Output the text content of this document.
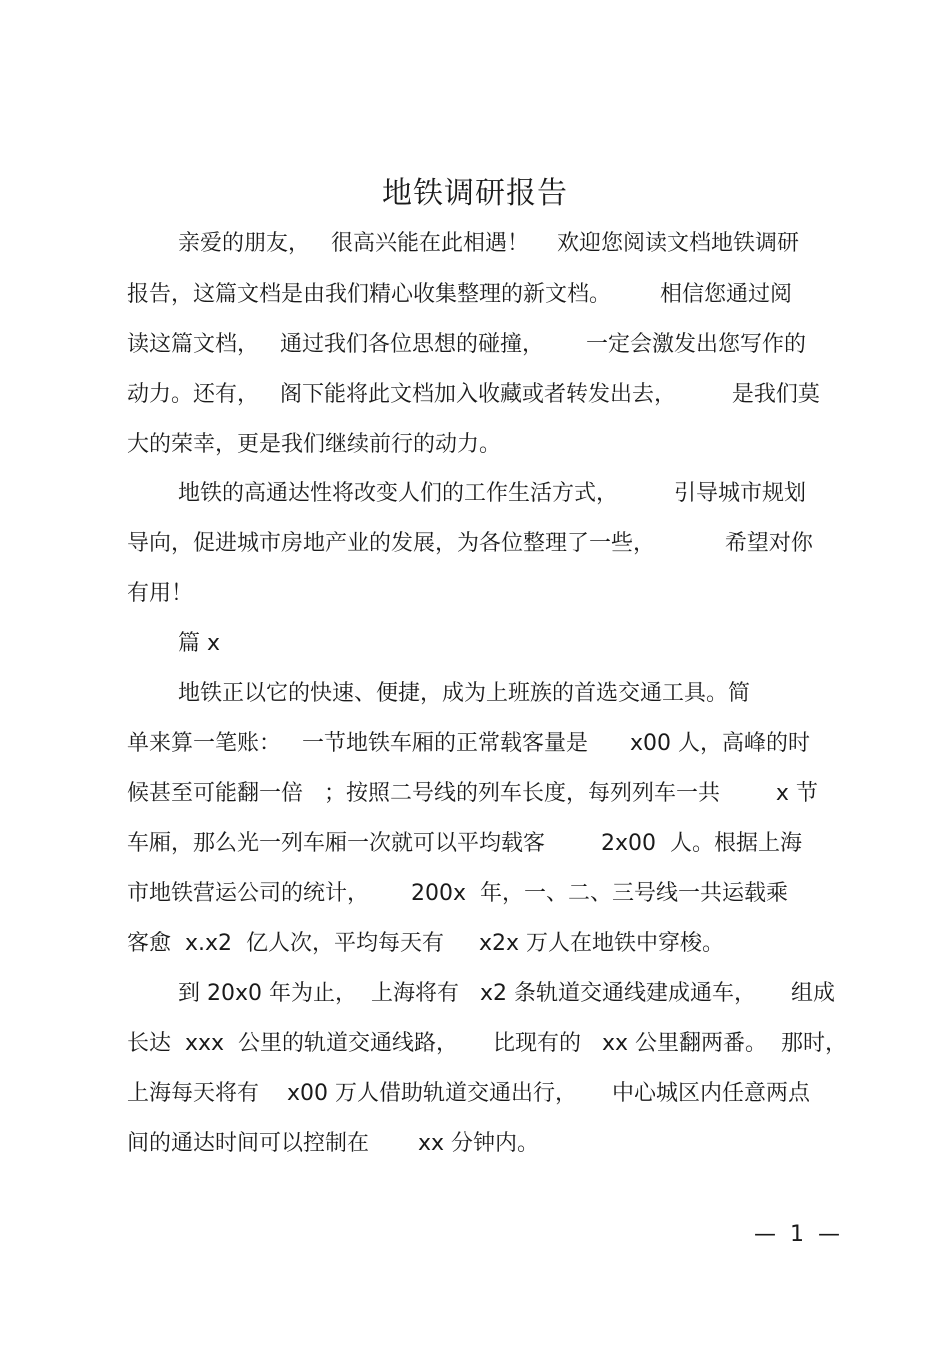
地铁调研报告

亲爱的朋友，   很高兴能在此相遇！    欢迎您阅读文档地铁调研

报告，这篇文档是由我们精心收集整理的新文档。       相信您通过阅

读这篇文档，   通过我们各位思想的碰撞，      一定会激发出您写作的

动力。还有，   阁下能将此文档加入收藏或者转发出去，        是我们莫

大的荣幸，更是我们继续前行的动力。

地铁的高通达性将改变人们的工作生活方式，        引导城市规划

导向，促进城市房地产业的发展，为各位整理了一些，          希望对你

有用！

篇 x

地铁正以它的快速、便捷，成为上班族的首选交通工具。简

单来算一笔账：   一节地铁车厢的正常载客量是      x00 人，高峰的时

候甚至可能翻一倍   ；按照二号线的列车长度，每列列车一共        x 节

车厢，那么光一列车厢一次就可以平均载客        2x00  人。根据上海

市地铁营运公司的统计，      200x  年，一、二、三号线一共运载乘

客愈  x.x2  亿人次，平均每天有     x2x 万人在地铁中穿梭。

到 20x0 年为止，  上海将有   x2 条轨道交通线建成通车，     组成

长达  xxx  公里的轨道交通线路，     比现有的   xx 公里翻两番。  那时，

上海每天将有    x00 万人借助轨道交通出行，     中心城区内任意两点

间的通达时间可以控制在       xx 分钟内。

—  1  —
